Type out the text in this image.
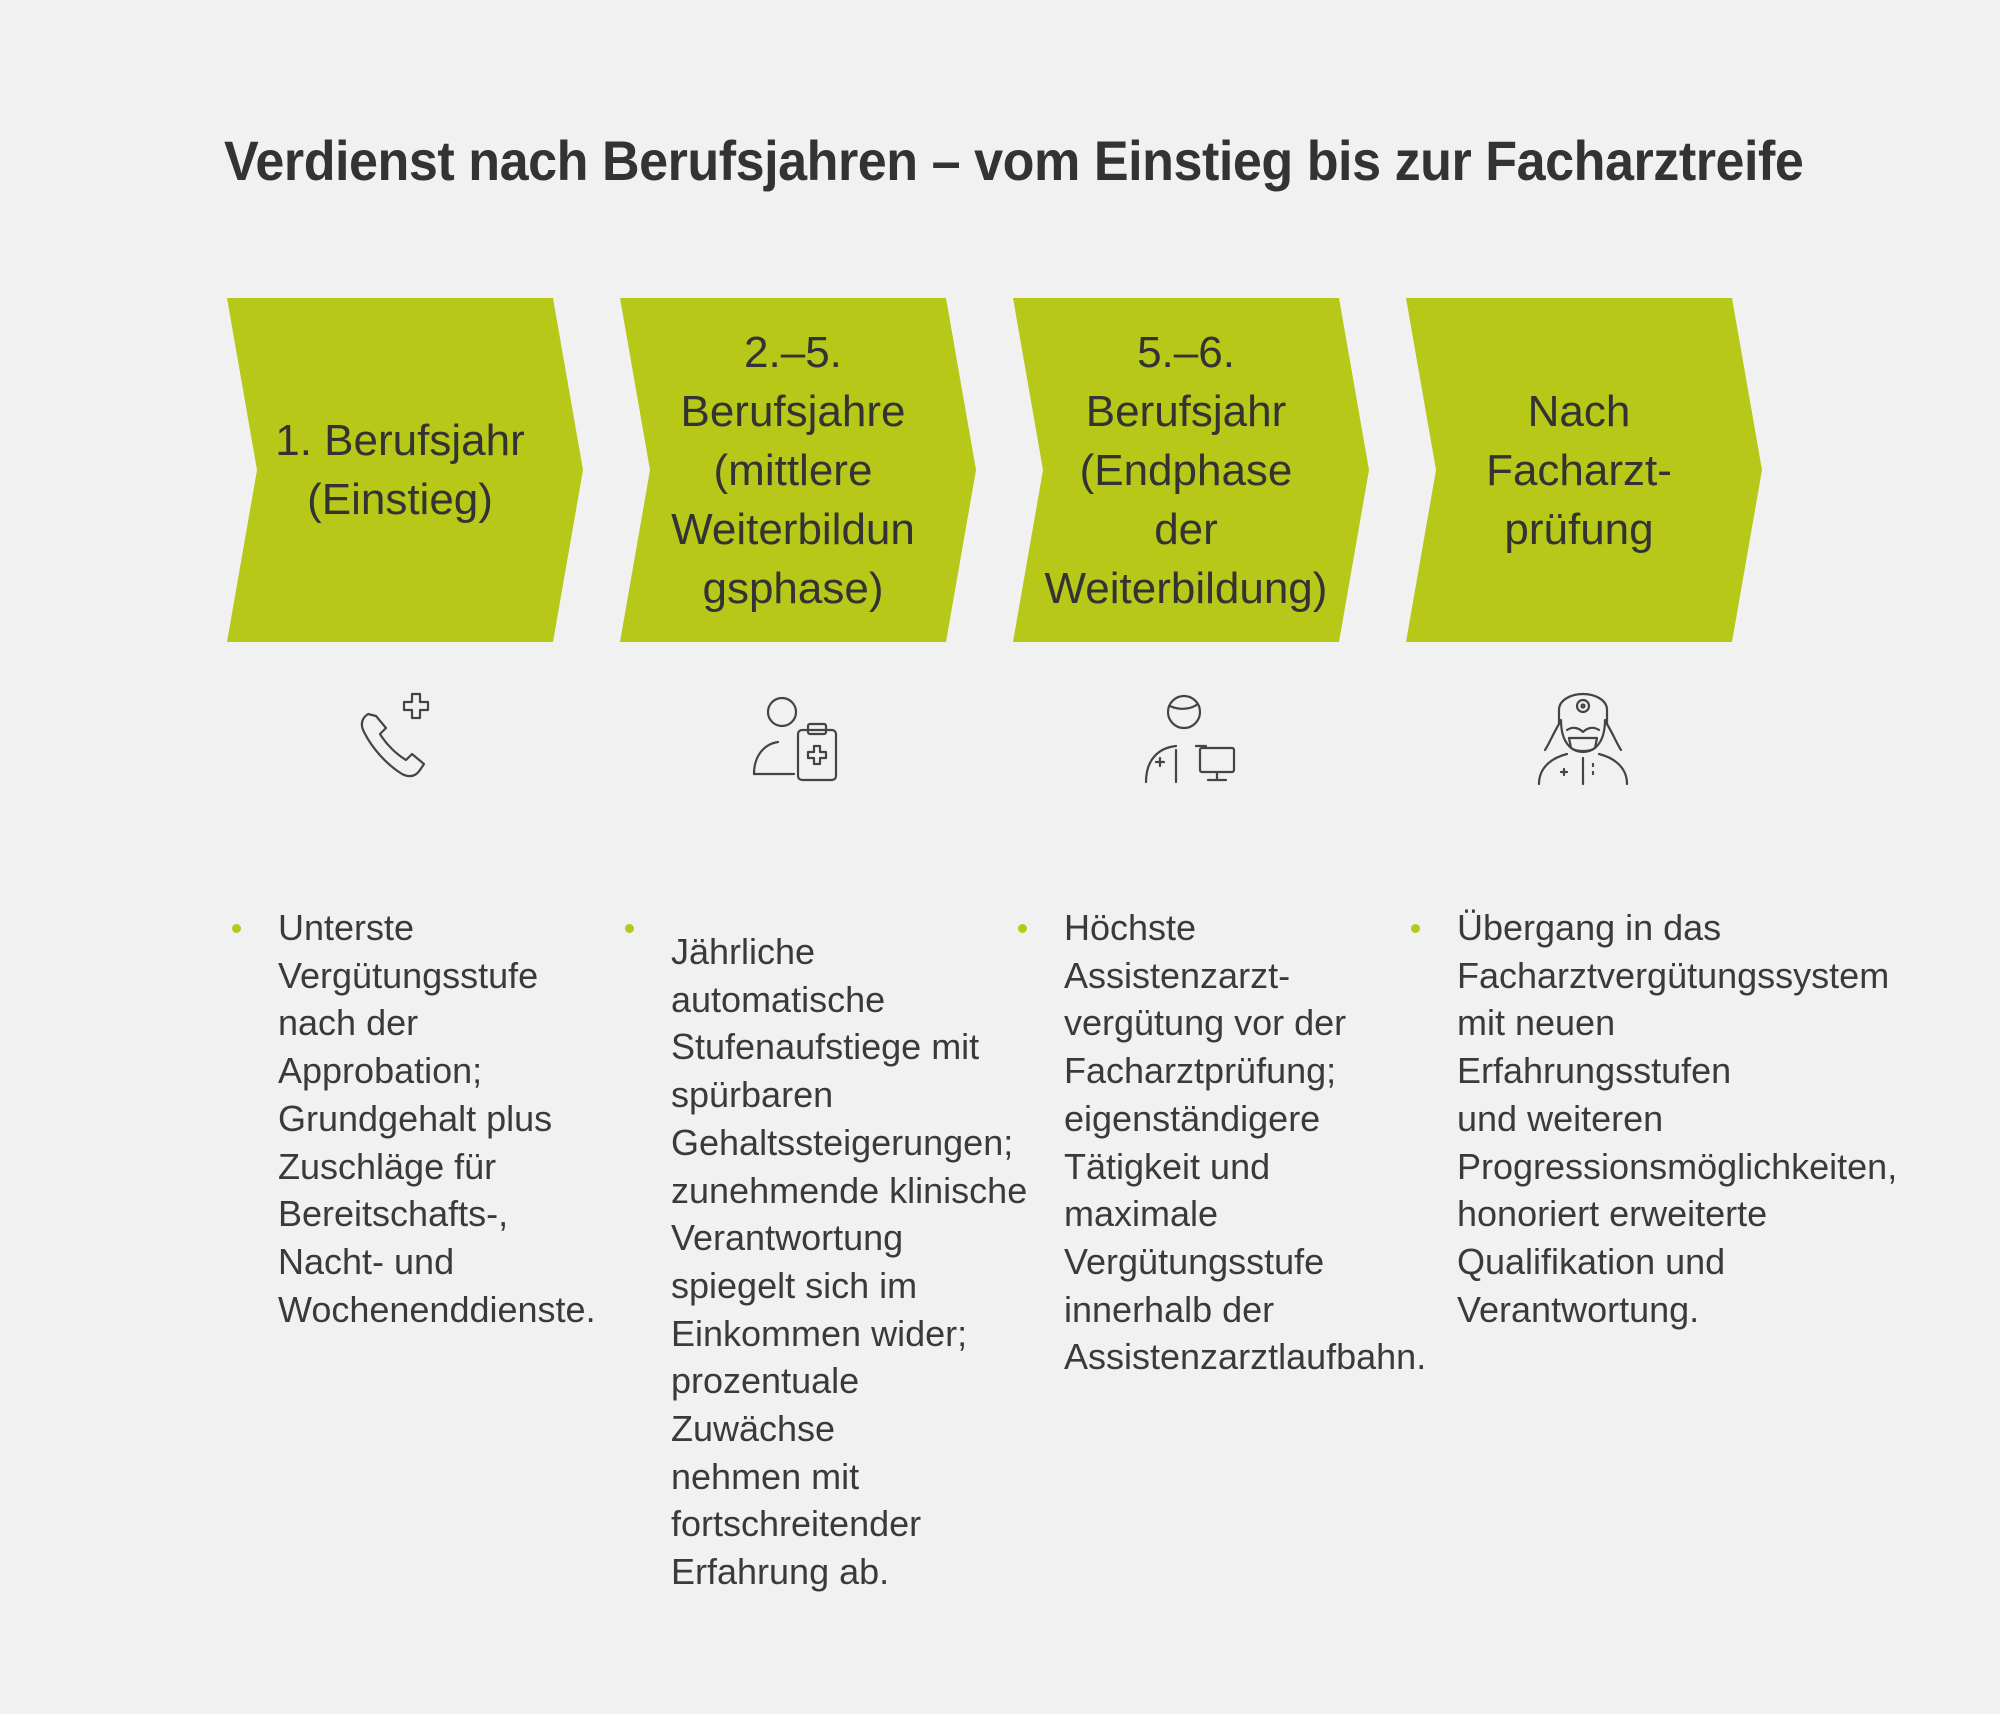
Verdienst nach Berufsjahren – vom Einstieg bis zur Facharztreife
1. Berufsjahr
(Einstieg)
2.–5.
Berufsjahre
(mittlere
Weiterbildun
gsphase)
5.–6.
Berufsjahr
(Endphase der
Weiterbildung)
Nach Facharzt-
prüfung
Unterste
Vergütungsstufe
nach der
Approbation;
Grundgehalt plus
Zuschläge für
Bereitschafts-,
Nacht- und
Wochenenddienste.
Jährliche
automatische
Stufenaufstiege mit
spürbaren
Gehaltssteigerungen;
zunehmende klinische
Verantwortung
spiegelt sich im
Einkommen wider;
prozentuale Zuwächse
nehmen mit
fortschreitender
Erfahrung ab.
Höchste
Assistenzarzt-
vergütung vor der
Facharztprüfung;
eigenständigere
Tätigkeit und
maximale
Vergütungsstufe
innerhalb der
Assistenzarztlaufbahn.
Übergang in das
Facharztvergütungssystem
mit neuen Erfahrungsstufen
und weiteren
Progressionsmöglichkeiten,
honoriert erweiterte
Qualifikation und
Verantwortung.
